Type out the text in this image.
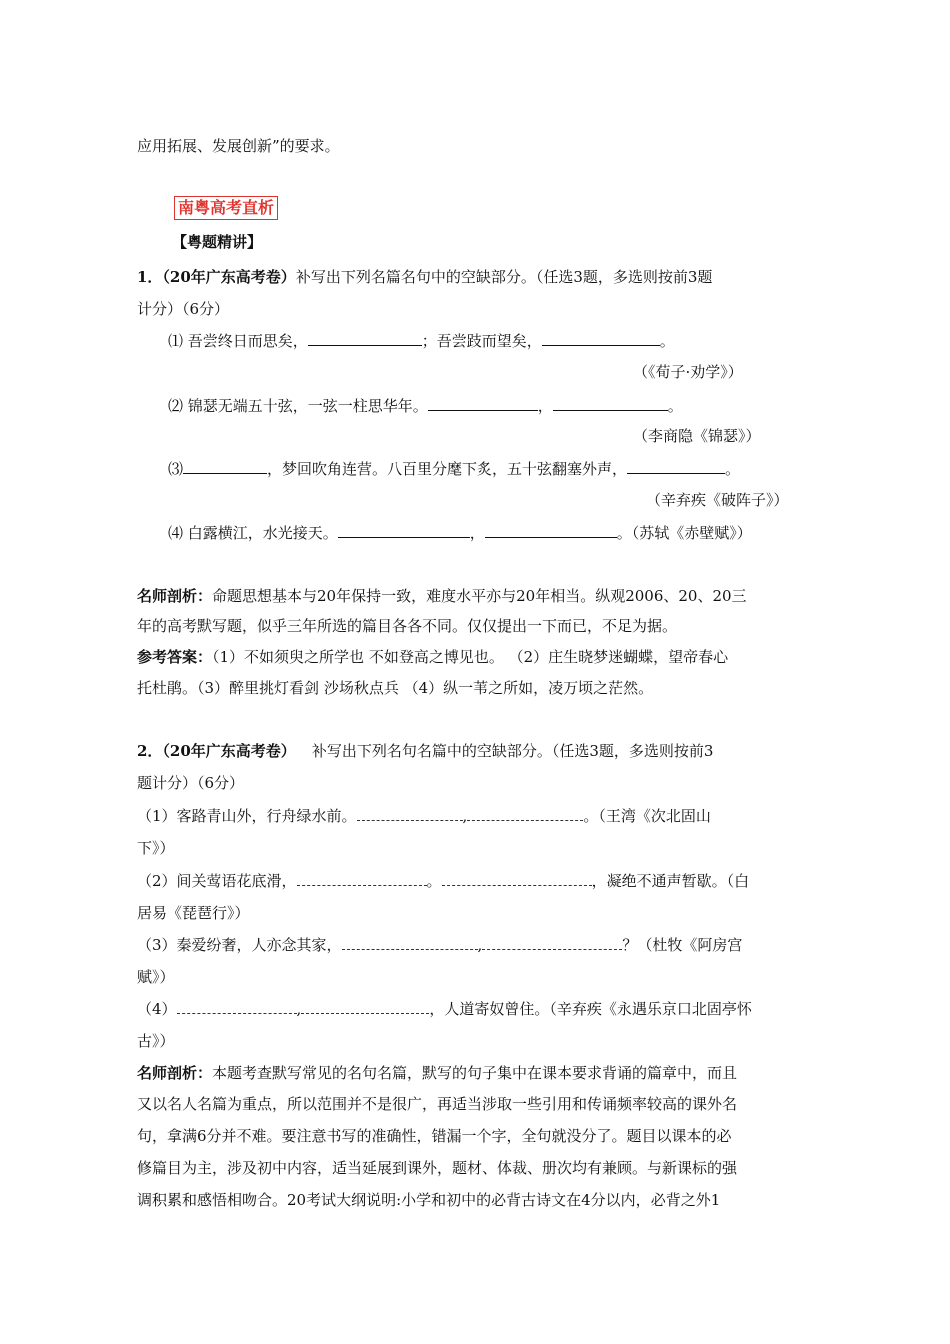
应用拓展、发展创新”的要求。
南粤高考直析
【粤题精讲】
1．（20年广东高考卷）补写出下列名篇名句中的空缺部分。（任选3题，多选则按前3题
计分）（6分）
⑴ 吾尝终日而思矣，	；吾尝跂而望矣，	。
（《荀子·劝学》）
⑵ 锦瑟无端五十弦，一弦一柱思华年。	，	。
（李商隐《锦瑟》）
⑶	，梦回吹角连营。八百里分麾下炙，五十弦翻塞外声，	。
（辛弃疾《破阵子》）
⑷ 白露横江，水光接天。	，	。（苏轼《赤壁赋》）
名师剖析：命题思想基本与20年保持一致，难度水平亦与20年相当。纵观2006、20、20三
年的高考默写题，似乎三年所选的篇目各各不同。仅仅提出一下而已，不足为据。
参考答案：（1）不如须臾之所学也 不如登高之博见也。 （2）庄生晓梦迷蝴蝶，望帝春心
托杜鹃。（3）醉里挑灯看剑 沙场秋点兵 （4）纵一苇之所如，凌万顷之茫然。
2．（20年广东高考卷） 补写出下列名句名篇中的空缺部分。（任选3题，多选则按前3
题计分）（6分）
（1）客路青山外，行舟绿水前。	,	。（王湾《次北固山
下》）
（2）间关莺语花底滑，	。	，凝绝不通声暂歇。（白
居易《琵琶行》）
（3）秦爱纷奢，人亦念其家，	,	？（杜牧《阿房宫
赋》）
（4）	,	，人道寄奴曾住。（辛弃疾《永遇乐京口北固亭怀
古》）
名师剖析：本题考查默写常见的名句名篇，默写的句子集中在课本要求背诵的篇章中，而且
又以名人名篇为重点，所以范围并不是很广，再适当涉取一些引用和传诵频率较高的课外名
句，拿满6分并不难。要注意书写的准确性，错漏一个字，全句就没分了。题目以课本的必
修篇目为主，涉及初中内容，适当延展到课外，题材、体裁、册次均有兼顾。与新课标的强
调积累和感悟相吻合。20考试大纲说明:小学和初中的必背古诗文在4分以内，必背之外1
